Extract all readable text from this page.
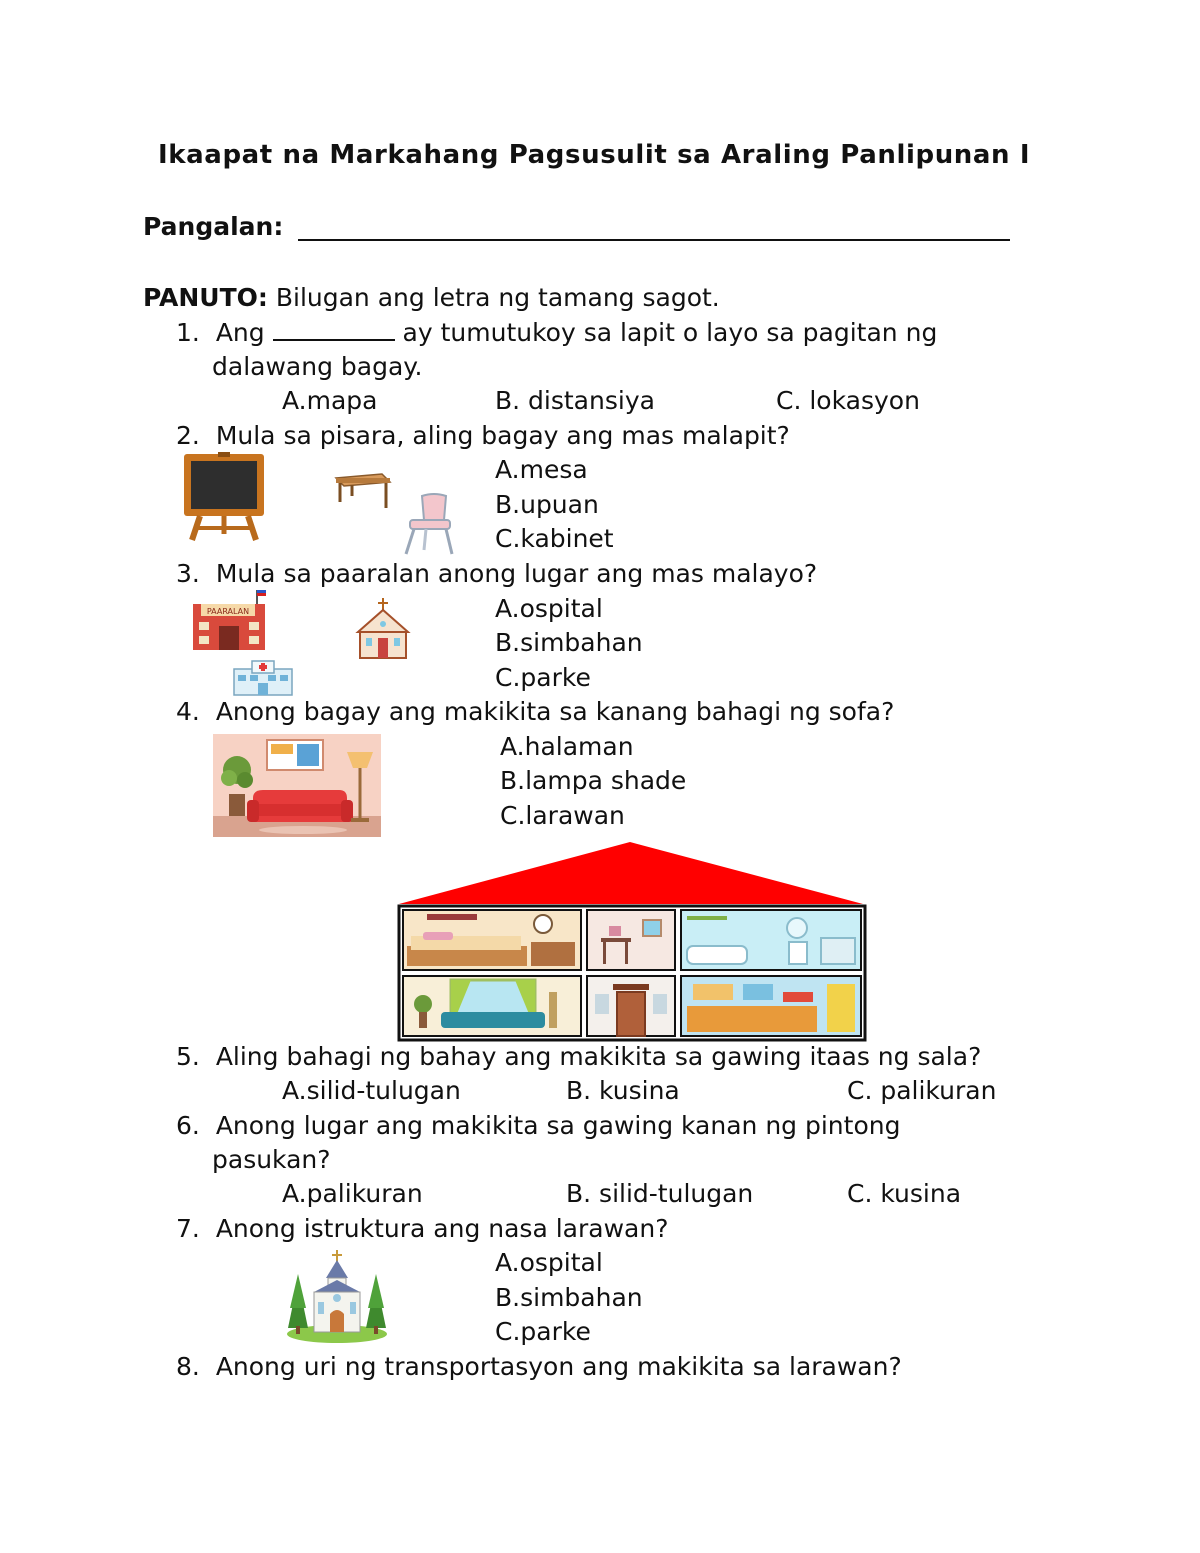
Ikaapat na Markahang Pagsusulit sa Araling Panlipunan I
Pangalan:
PANUTO: Bilugan ang letra ng tamang sagot.
1. Ang	ay tumutukoy sa lapit o layo sa pagitan ng
dalawang bagay.
A.mapa	B. distansiya	C. lokasyon
2. Mula sa pisara, aling bagay ang mas malapit?
A.mesa
B.upuan
C.kabinet
3. Mula sa paaralan anong lugar ang mas malayo?
PAARALAN	A.ospital
B.simbahan
C.parke
4. Anong bagay ang makikita sa kanang bahagi ng sofa?
A.halaman
B.lampa shade
C.larawan
5. Aling bahagi ng bahay ang makikita sa gawing itaas ng sala?
A.silid-tulugan	B. kusina	C. palikuran
6. Anong lugar ang makikita sa gawing kanan ng pintong
pasukan?
A.palikuran	B. silid-tulugan	C. kusina
7. Anong istruktura ang nasa larawan?
A.ospital
B.simbahan
C.parke
8. Anong uri ng transportasyon ang makikita sa larawan?
